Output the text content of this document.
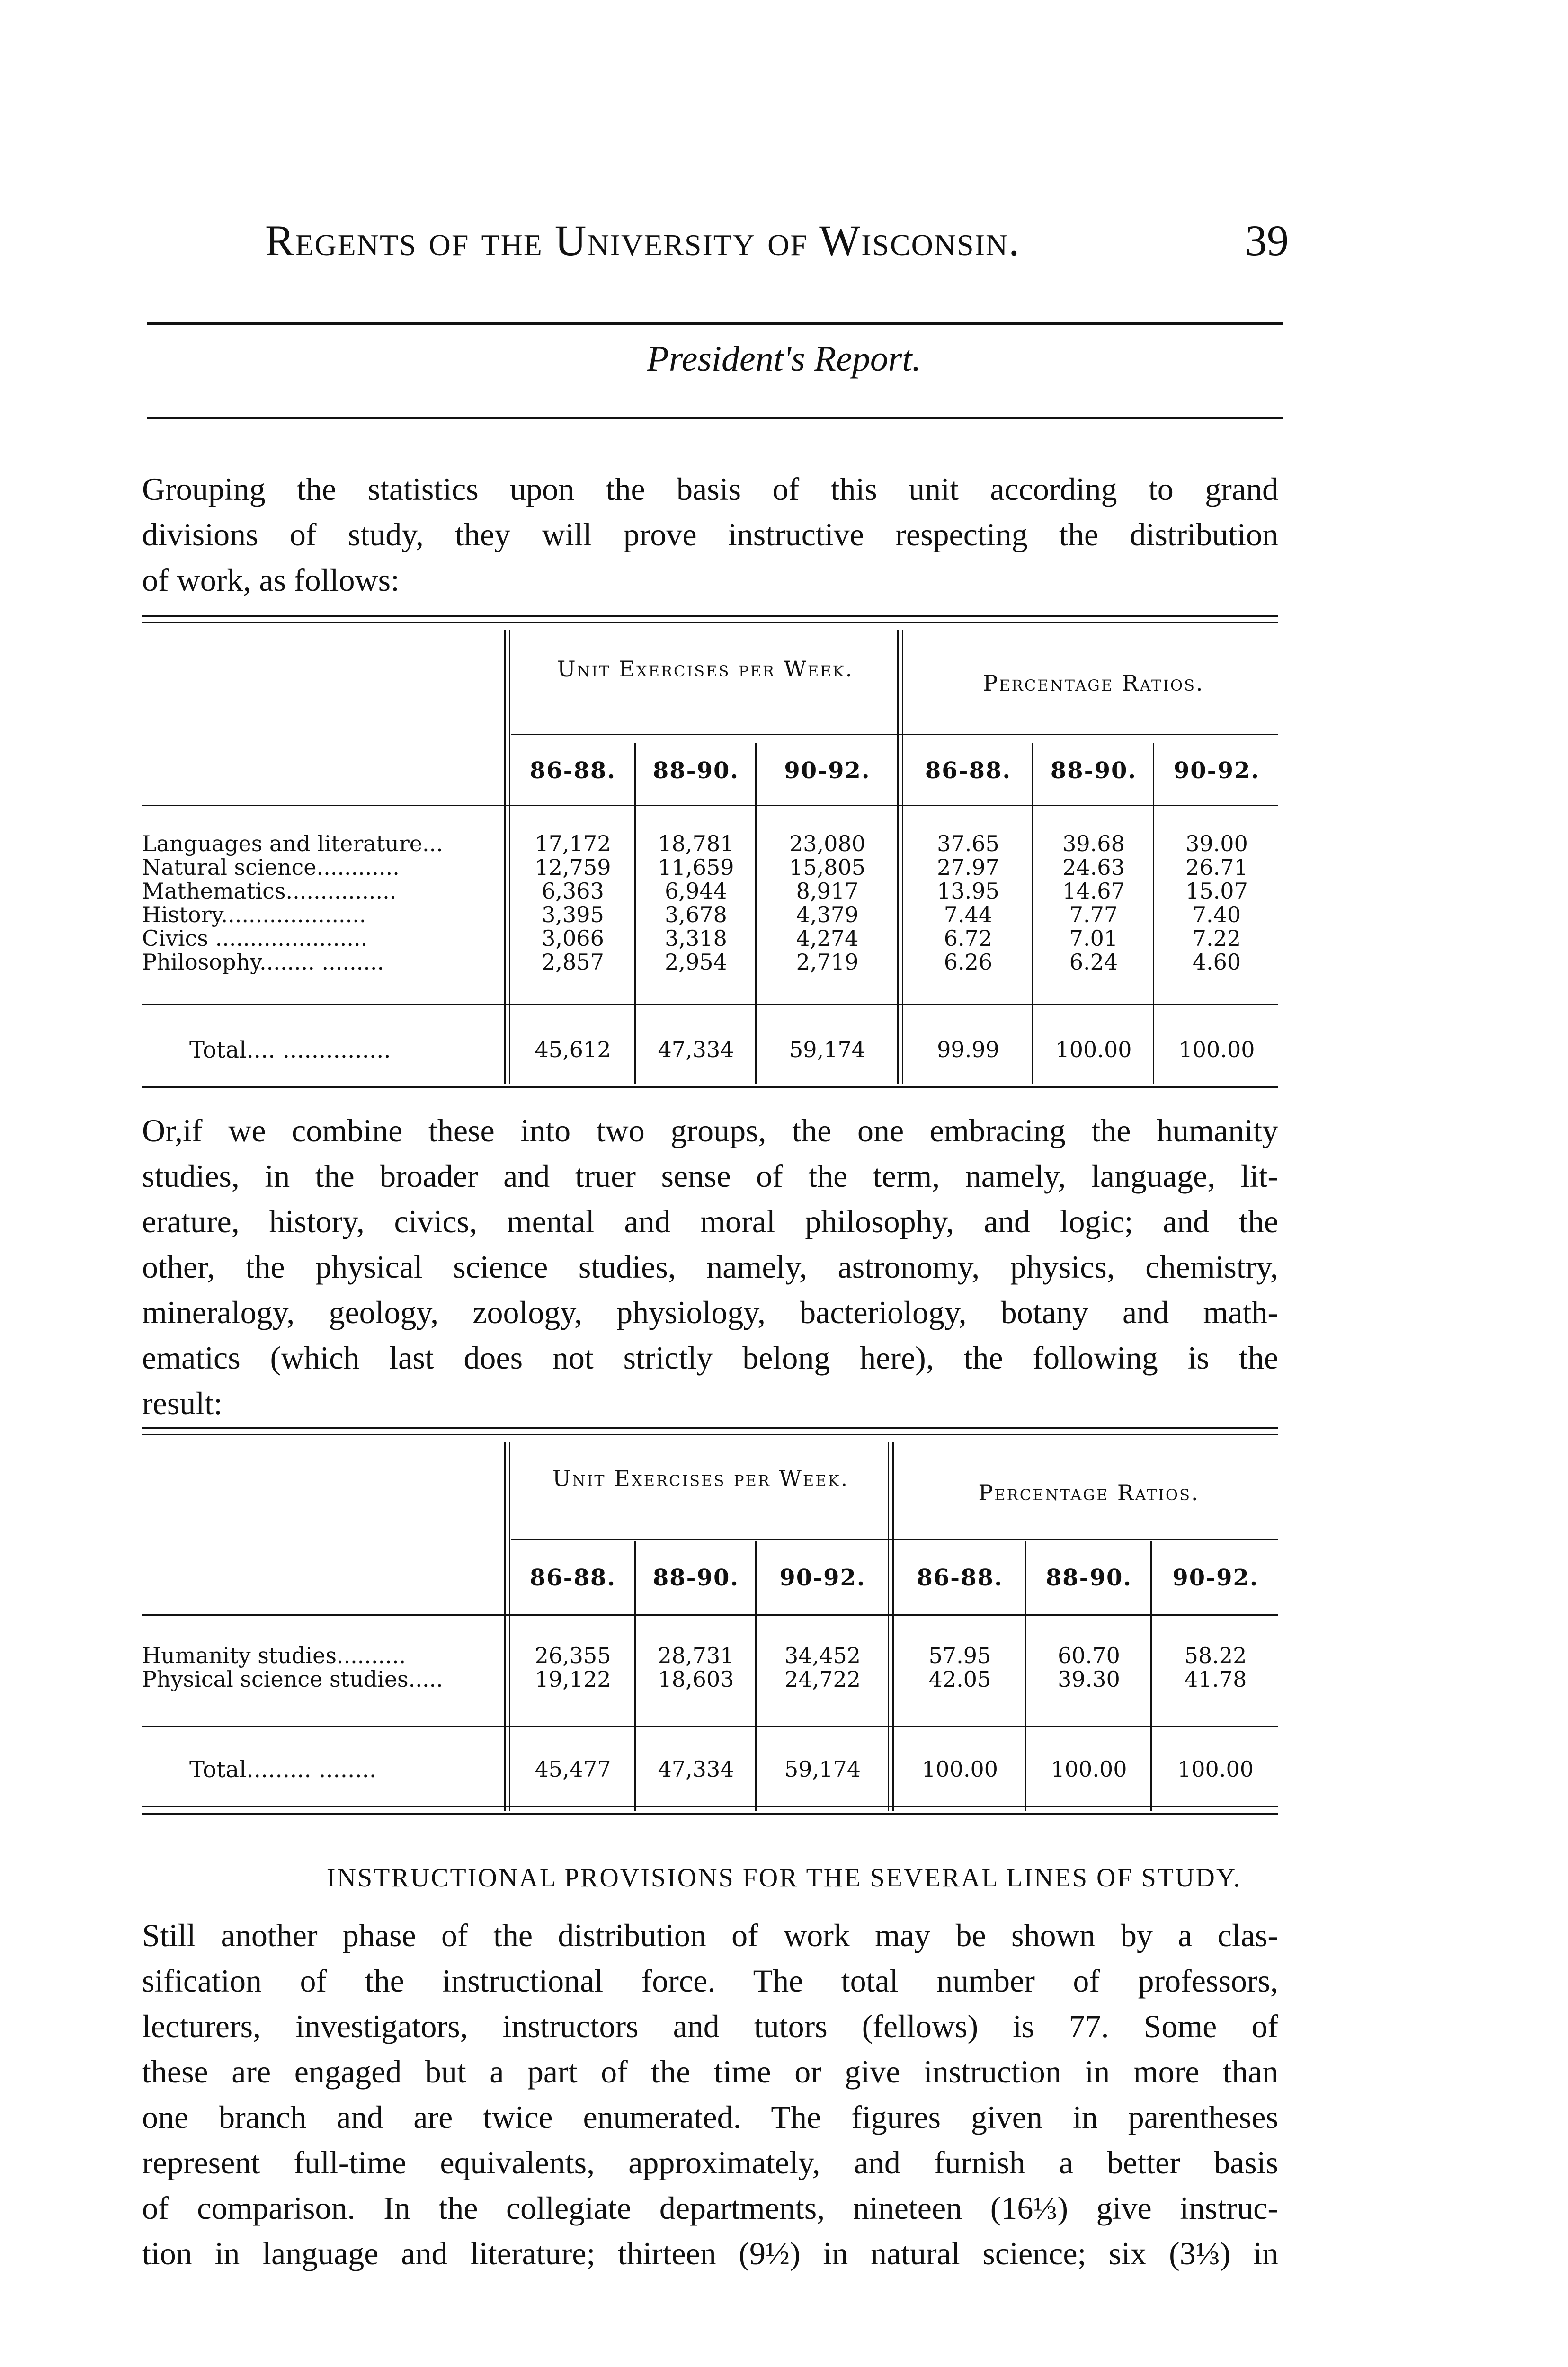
Regents of the University of Wisconsin.	39
President's Report.
Grouping the statistics upon the basis of this unit according to grand
divisions of study, they will prove instructive respecting the distribution
of work, as follows:
Unit Exercises per Week.
Percentage Ratios.
86-88.	88-90.	90-92.	86-88.	88-90.	90-92.
Languages and literature...	17,172	18,781	23,080	37.65	39.68	39.00
Natural science............	12,759	11,659	15,805	27.97	24.63	26.71
Mathematics................	6,363	6,944	8,917	13.95	14.67	15.07
History.....................	3,395	3,678	4,379	7.44	7.77	7.40
Civics ......................	3,066	3,318	4,274	6.72	7.01	7.22
Philosophy........ .........	2,857	2,954	2,719	6.26	6.24	4.60
Total.... ...............	45,612	47,334	59,174	99.99	100.00	100.00
Or,if we combine these into two groups, the one embracing the humanity
studies, in the broader and truer sense of the term, namely, language, lit-
erature, history, civics, mental and moral philosophy, and logic; and the
other, the physical science studies, namely, astronomy, physics, chemistry,
mineralogy, geology, zoology, physiology, bacteriology, botany and math-
ematics (which last does not strictly belong here), the following is the
result:
Unit Exercises per Week.
Percentage Ratios.
86-88.	88-90.	90-92.	86-88.	88-90.	90-92.
Humanity studies..........	26,355	28,731	34,452	57.95	60.70	58.22
Physical science studies.....	19,122	18,603	24,722	42.05	39.30	41.78
Total......... ........	45,477	47,334	59,174	100.00	100.00	100.00
INSTRUCTIONAL PROVISIONS FOR THE SEVERAL LINES OF STUDY.
Still another phase of the distribution of work may be shown by a clas-
sification of the instructional force. The total number of professors,
lecturers, investigators, instructors and tutors (fellows) is 77. Some of
these are engaged but a part of the time or give instruction in more than
one branch and are twice enumerated. The figures given in parentheses
represent full-time equivalents, approximately, and furnish a better basis
of comparison. In the collegiate departments, nineteen (16⅓) give instruc-
tion in language and literature; thirteen (9½) in natural science; six (3⅓) in
